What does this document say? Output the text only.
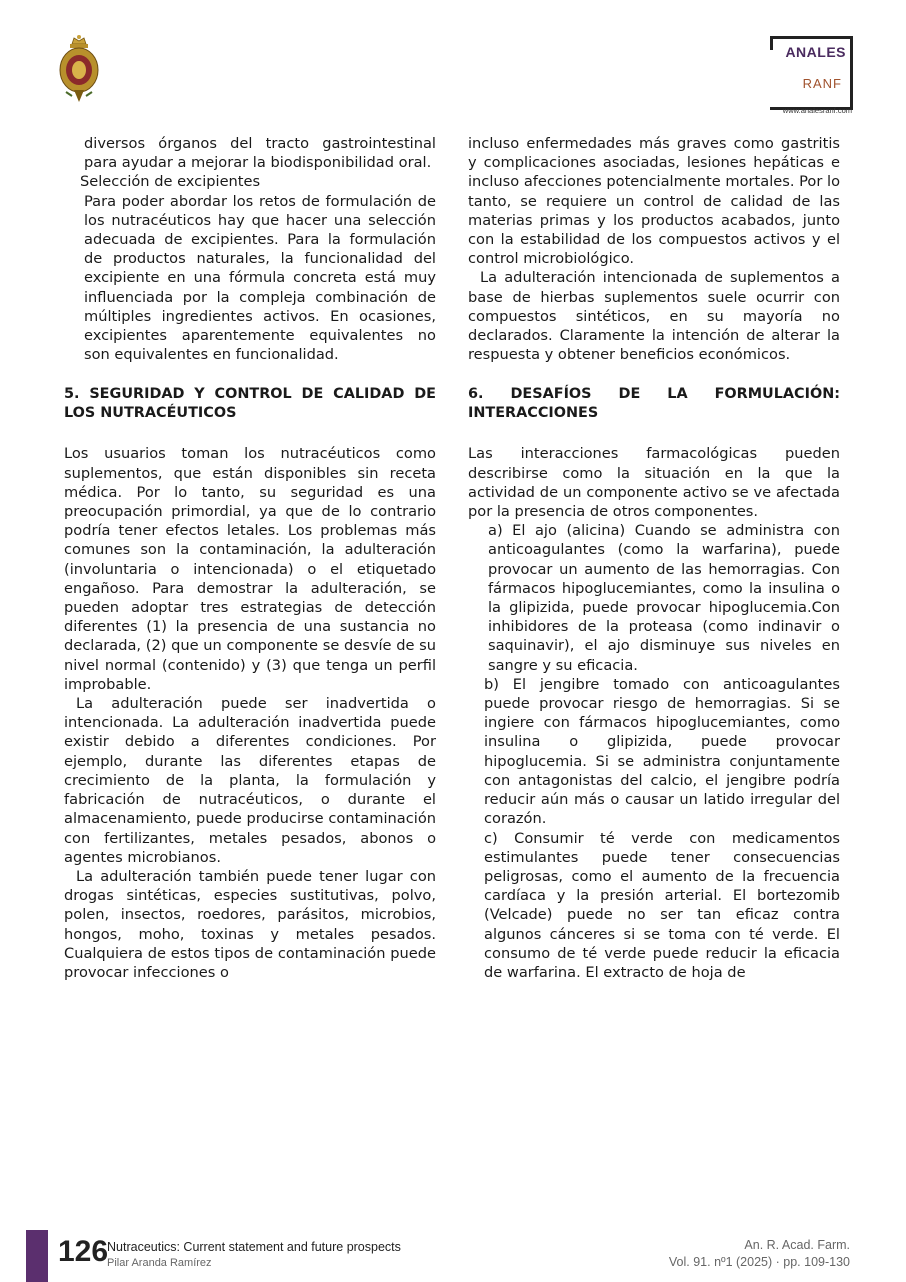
ANALES
RANF
www.analesranf.com

diversos órganos del tracto gastrointestinal para ayudar a mejorar la biodisponibilidad oral.

Selección de excipientes

Para poder abordar los retos de formulación de los nutracéuticos hay que hacer una selección adecuada de excipientes. Para la formulación de productos naturales, la funcionalidad del excipiente en una fórmula concreta está muy influenciada por la compleja combinación de múltiples ingredientes activos. En ocasiones, excipientes aparentemente equivalentes no son equivalentes en funcionalidad.

5. SEGURIDAD Y CONTROL DE CALIDAD DE LOS NUTRACÉUTICOS

Los usuarios toman los nutracéuticos como suplementos, que están disponibles sin receta médica. Por lo tanto, su seguridad es una preocupación primordial, ya que de lo contrario podría tener efectos letales. Los problemas más comunes son la contaminación, la adulteración (involuntaria o intencionada) o el etiquetado engañoso. Para demostrar la adulteración, se pueden adoptar tres estrategias de detección diferentes (1) la presencia de una sustancia no declarada, (2) que un componente se desvíe de su nivel normal (contenido) y (3) que tenga un perfil improbable.

La adulteración puede ser inadvertida o intencionada. La adulteración inadvertida puede existir debido a diferentes condiciones. Por ejemplo, durante las diferentes etapas de crecimiento de la planta, la formulación y fabricación de nutracéuticos, o durante el almacenamiento, puede producirse contaminación con fertilizantes, metales pesados, abonos o agentes microbianos.

La adulteración también puede tener lugar con drogas sintéticas, especies sustitutivas, polvo, polen, insectos, roedores, parásitos, microbios, hongos, moho, toxinas y metales pesados. Cualquiera de estos tipos de contaminación puede provocar infecciones o

incluso enfermedades más graves como gastritis y complicaciones asociadas, lesiones hepáticas e incluso afecciones potencialmente mortales. Por lo tanto, se requiere un control de calidad de las materias primas y los productos acabados, junto con la estabilidad de los compuestos activos y el control microbiológico.

La adulteración intencionada de suplementos a base de hierbas suplementos suele ocurrir con compuestos sintéticos, en su mayoría no declarados. Claramente la intención de alterar la respuesta y obtener beneficios económicos.

6. DESAFÍOS DE LA FORMULACIÓN: INTERACCIONES

Las interacciones farmacológicas pueden describirse como la situación en la que la actividad de un componente activo se ve afectada por la presencia de otros componentes.

a) El ajo (alicina) Cuando se administra con anticoagulantes (como la warfarina), puede provocar un aumento de las hemorragias. Con fármacos hipoglucemiantes, como la insulina o la glipizida, puede provocar hipoglucemia.Con inhibidores de la proteasa (como indinavir o saquinavir), el ajo disminuye sus niveles en sangre y su eficacia.

b) El jengibre tomado con anticoagulantes puede provocar riesgo de hemorragias. Si se ingiere con fármacos hipoglucemiantes, como insulina o glipizida, puede provocar hipoglucemia. Si se administra conjuntamente con antagonistas del calcio, el jengibre podría reducir aún más o causar un latido irregular del corazón.

c) Consumir té verde con medicamentos estimulantes puede tener consecuencias peligrosas, como el aumento de la frecuencia cardíaca y la presión arterial. El bortezomib (Velcade) puede no ser tan eficaz contra algunos cánceres si se toma con té verde. El consumo de té verde puede reducir la eficacia de warfarina. El extracto de hoja de

126
Nutraceutics: Current statement and future prospects
Pilar Aranda Ramírez
An. R. Acad. Farm.
Vol. 91. nº1 (2025) · pp. 109-130
